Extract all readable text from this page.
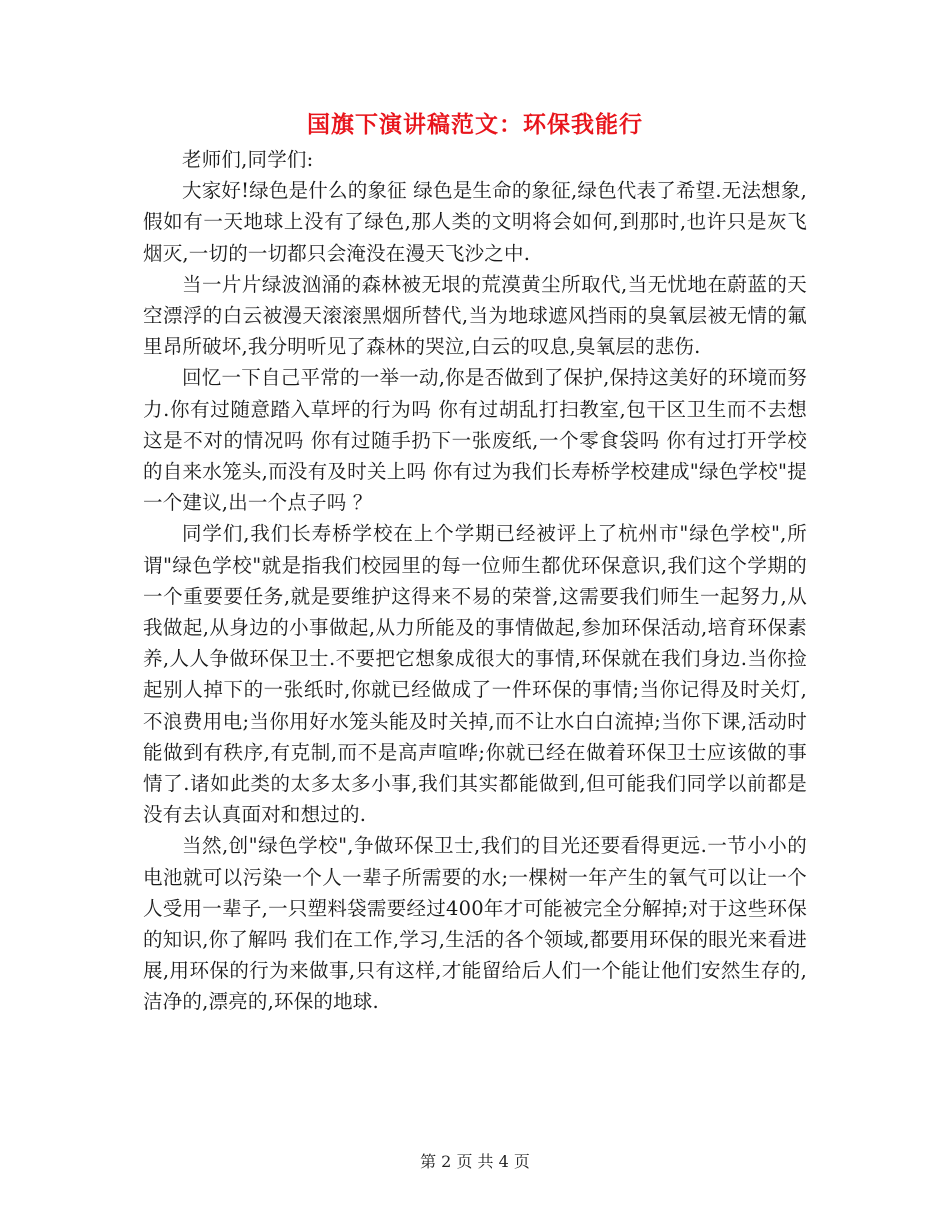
国旗下演讲稿范文：环保我能行

老师们,同学们:

大家好!绿色是什么的象征 绿色是生命的象征,绿色代表了希望.无法想象,假如有一天地球上没有了绿色,那人类的文明将会如何,到那时,也许只是灰飞烟灭,一切的一切都只会淹没在漫天飞沙之中.

当一片片绿波汹涌的森林被无垠的荒漠黄尘所取代,当无忧地在蔚蓝的天空漂浮的白云被漫天滚滚黑烟所替代,当为地球遮风挡雨的臭氧层被无情的氟里昂所破坏,我分明听见了森林的哭泣,白云的叹息,臭氧层的悲伤.

回忆一下自己平常的一举一动,你是否做到了保护,保持这美好的环境而努力.你有过随意踏入草坪的行为吗 你有过胡乱打扫教室,包干区卫生而不去想这是不对的情况吗 你有过随手扔下一张废纸,一个零食袋吗 你有过打开学校的自来水笼头,而没有及时关上吗 你有过为我们长寿桥学校建成"绿色学校"提一个建议,出一个点子吗 ？

同学们,我们长寿桥学校在上个学期已经被评上了杭州市"绿色学校",所谓"绿色学校"就是指我们校园里的每一位师生都优环保意识,我们这个学期的一个重要要任务,就是要维护这得来不易的荣誉,这需要我们师生一起努力,从我做起,从身边的小事做起,从力所能及的事情做起,参加环保活动,培育环保素养,人人争做环保卫士.不要把它想象成很大的事情,环保就在我们身边.当你捡起别人掉下的一张纸时,你就已经做成了一件环保的事情;当你记得及时关灯,不浪费用电;当你用好水笼头能及时关掉,而不让水白白流掉;当你下课,活动时能做到有秩序,有克制,而不是高声喧哗;你就已经在做着环保卫士应该做的事情了.诸如此类的太多太多小事,我们其实都能做到,但可能我们同学以前都是没有去认真面对和想过的.

当然,创"绿色学校",争做环保卫士,我们的目光还要看得更远.一节小小的电池就可以污染一个人一辈子所需要的水;一棵树一年产生的氧气可以让一个人受用一辈子,一只塑料袋需要经过400年才可能被完全分解掉;对于这些环保的知识,你了解吗 我们在工作,学习,生活的各个领域,都要用环保的眼光来看进展,用环保的行为来做事,只有这样,才能留给后人们一个能让他们安然生存的,洁净的,漂亮的,环保的地球.

第 2 页 共 4 页
